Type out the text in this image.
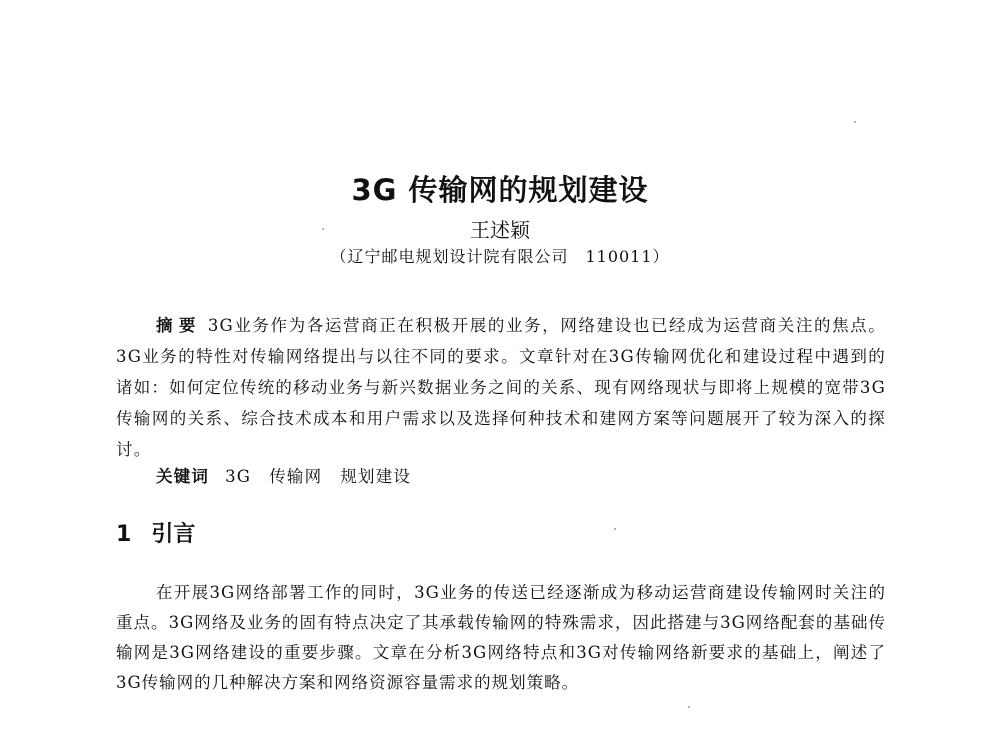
3G 传输网的规划建设
王述颖
（辽宁邮电规划设计院有限公司　110011）
摘要 3G业务作为各运营商正在积极开展的业务，网络建设也已经成为运营商关注的焦点。3G业务的特性对传输网络提出与以往不同的要求。文章针对在3G传输网优化和建设过程中遇到的诸如：如何定位传统的移动业务与新兴数据业务之间的关系、现有网络现状与即将上规模的宽带3G传输网的关系、综合技术成本和用户需求以及选择何种技术和建网方案等问题展开了较为深入的探讨。
关键词 3G 传输网 规划建设
1 引言
在开展3G网络部署工作的同时，3G业务的传送已经逐渐成为移动运营商建设传输网时关注的重点。3G网络及业务的固有特点决定了其承载传输网的特殊需求，因此搭建与3G网络配套的基础传输网是3G网络建设的重要步骤。文章在分析3G网络特点和3G对传输网络新要求的基础上，阐述了3G传输网的几种解决方案和网络资源容量需求的规划策略。
